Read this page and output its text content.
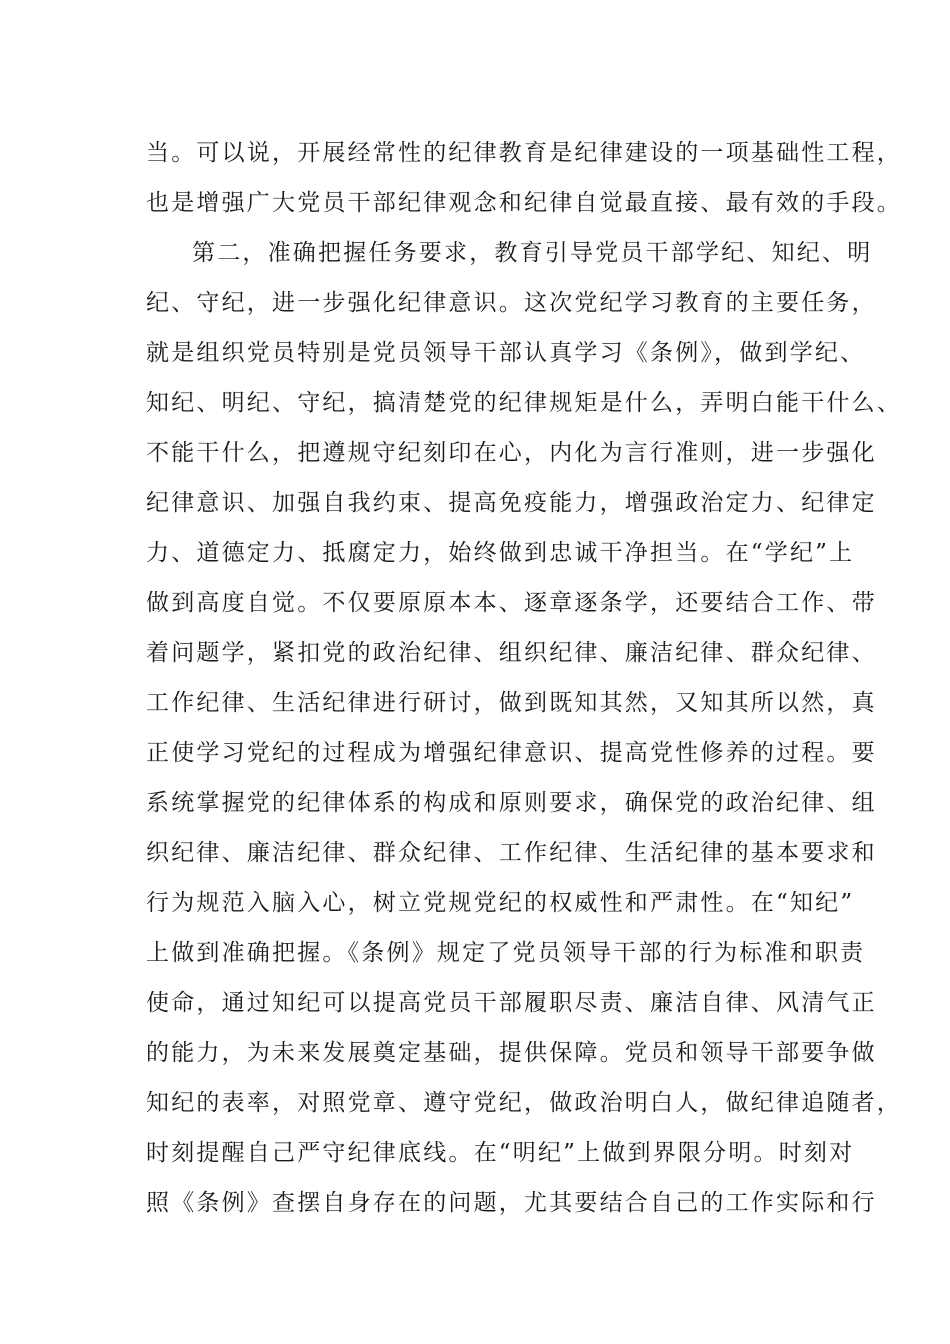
当。可以说，开展经常性的纪律教育是纪律建设的一项基础性工程，
也是增强广大党员干部纪律观念和纪律自觉最直接、最有效的手段。
第二，准确把握任务要求，教育引导党员干部学纪、知纪、明
纪、守纪，进一步强化纪律意识。这次党纪学习教育的主要任务，
就是组织党员特别是党员领导干部认真学习《条例》，做到学纪、
知纪、明纪、守纪，搞清楚党的纪律规矩是什么，弄明白能干什么、
不能干什么，把遵规守纪刻印在心，内化为言行准则，进一步强化
纪律意识、加强自我约束、提高免疫能力，增强政治定力、纪律定
力、道德定力、抵腐定力，始终做到忠诚干净担当。在“学纪”上
做到高度自觉。不仅要原原本本、逐章逐条学，还要结合工作、带
着问题学，紧扣党的政治纪律、组织纪律、廉洁纪律、群众纪律、
工作纪律、生活纪律进行研讨，做到既知其然，又知其所以然，真
正使学习党纪的过程成为增强纪律意识、提高党性修养的过程。要
系统掌握党的纪律体系的构成和原则要求，确保党的政治纪律、组
织纪律、廉洁纪律、群众纪律、工作纪律、生活纪律的基本要求和
行为规范入脑入心，树立党规党纪的权威性和严肃性。在“知纪”
上做到准确把握。《条例》规定了党员领导干部的行为标准和职责
使命，通过知纪可以提高党员干部履职尽责、廉洁自律、风清气正
的能力，为未来发展奠定基础，提供保障。党员和领导干部要争做
知纪的表率，对照党章、遵守党纪，做政治明白人，做纪律追随者，
时刻提醒自己严守纪律底线。在“明纪”上做到界限分明。时刻对
照《条例》查摆自身存在的问题，尤其要结合自己的工作实际和行
